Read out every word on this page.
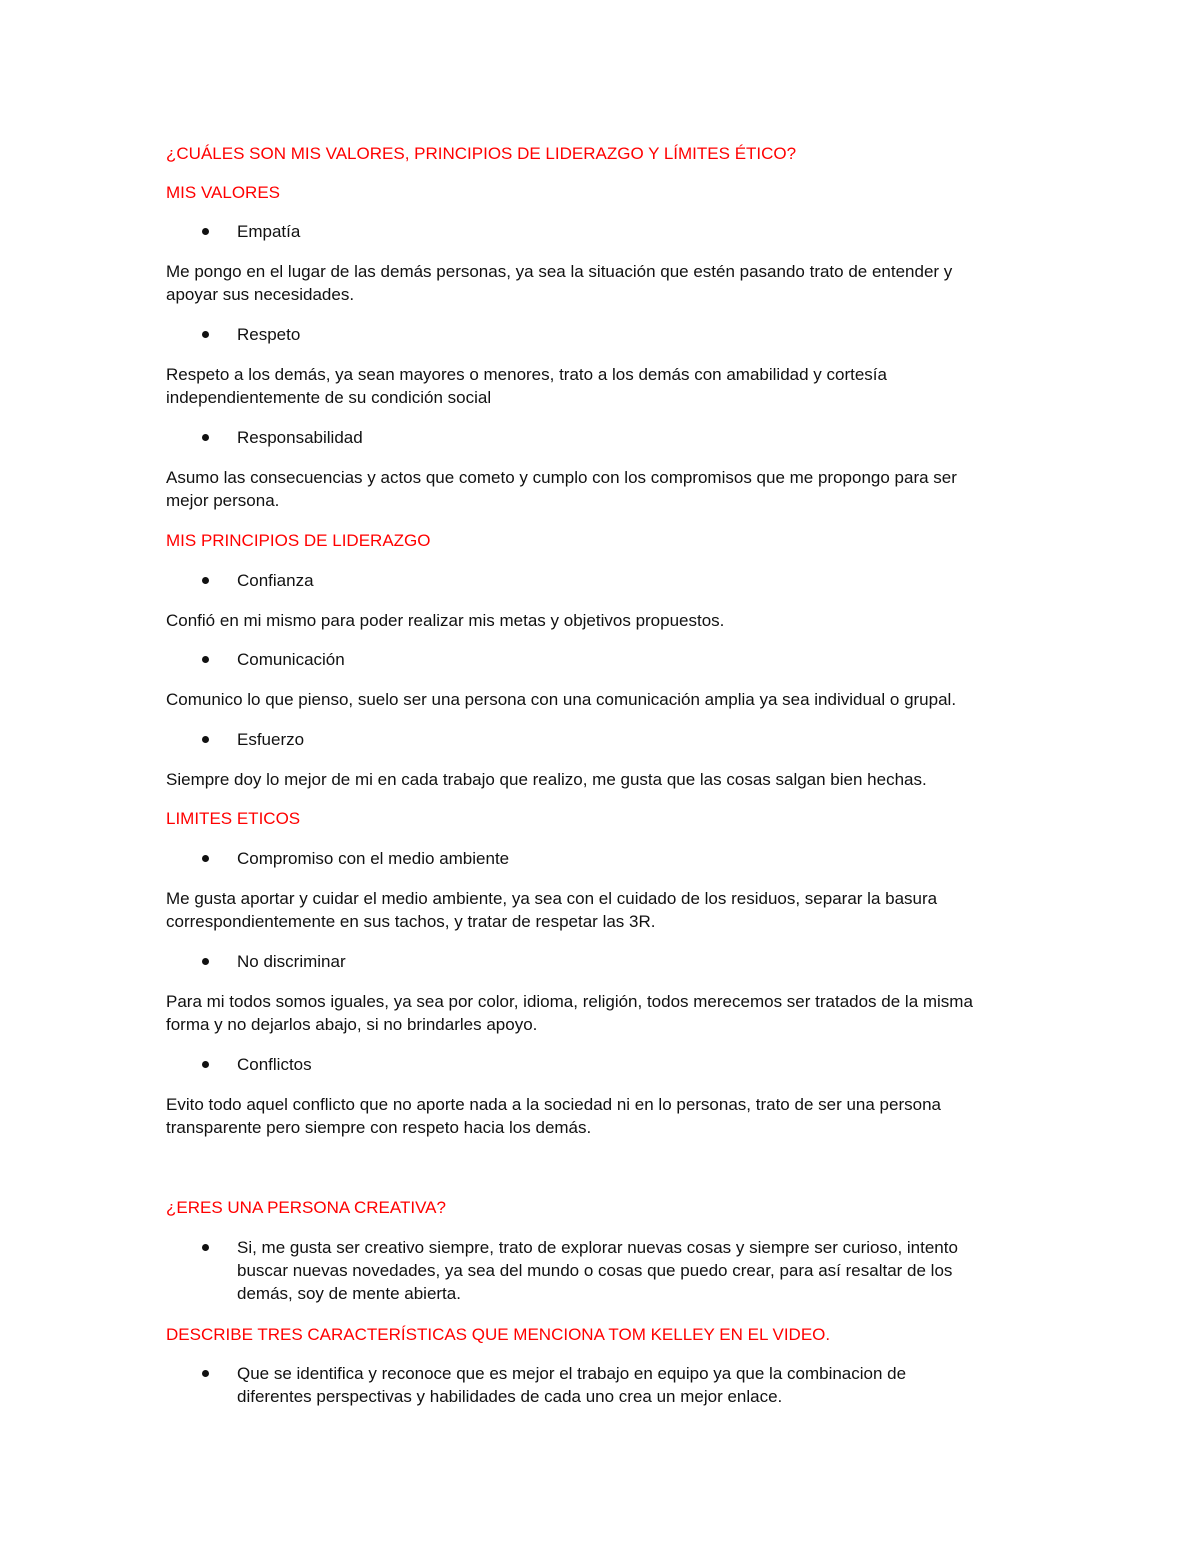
¿CUÁLES SON MIS VALORES, PRINCIPIOS DE LIDERAZGO Y LÍMITES ÉTICO?
MIS VALORES
Empatía
Me pongo en el lugar de las demás personas, ya sea la situación que estén pasando trato de entender y
apoyar sus necesidades.
Respeto
Respeto a los demás, ya sean mayores o menores, trato a los demás con amabilidad y cortesía
independientemente de su condición social
Responsabilidad
Asumo las consecuencias y actos que cometo y cumplo con los compromisos que me propongo para ser
mejor persona.
MIS PRINCIPIOS DE LIDERAZGO
Confianza
Confió en mi mismo para poder realizar mis metas y objetivos propuestos.
Comunicación
Comunico lo que pienso, suelo ser una persona con una comunicación amplia ya sea individual o grupal.
Esfuerzo
Siempre doy lo mejor de mi en cada trabajo que realizo, me gusta que las cosas salgan bien hechas.
LIMITES ETICOS
Compromiso con el medio ambiente
Me gusta aportar y cuidar el medio ambiente, ya sea con el cuidado de los residuos, separar la basura
correspondientemente en sus tachos, y tratar de respetar las 3R.
No discriminar
Para mi todos somos iguales, ya sea por color, idioma, religión, todos merecemos ser tratados de la misma
forma y no dejarlos abajo, si no brindarles apoyo.
Conflictos
Evito todo aquel conflicto que no aporte nada a la sociedad ni en lo personas, trato de ser una persona
transparente pero siempre con respeto hacia los demás.
¿ERES UNA PERSONA CREATIVA?
Si, me gusta ser creativo siempre, trato de explorar nuevas cosas y siempre ser curioso, intento
buscar nuevas novedades, ya sea del mundo o cosas que puedo crear, para así resaltar de los
demás, soy de mente abierta.
DESCRIBE TRES CARACTERÍSTICAS QUE MENCIONA TOM KELLEY EN EL VIDEO.
Que se identifica y reconoce que es mejor el trabajo en equipo ya que la combinacion de
diferentes perspectivas y habilidades de cada uno crea un mejor enlace.
